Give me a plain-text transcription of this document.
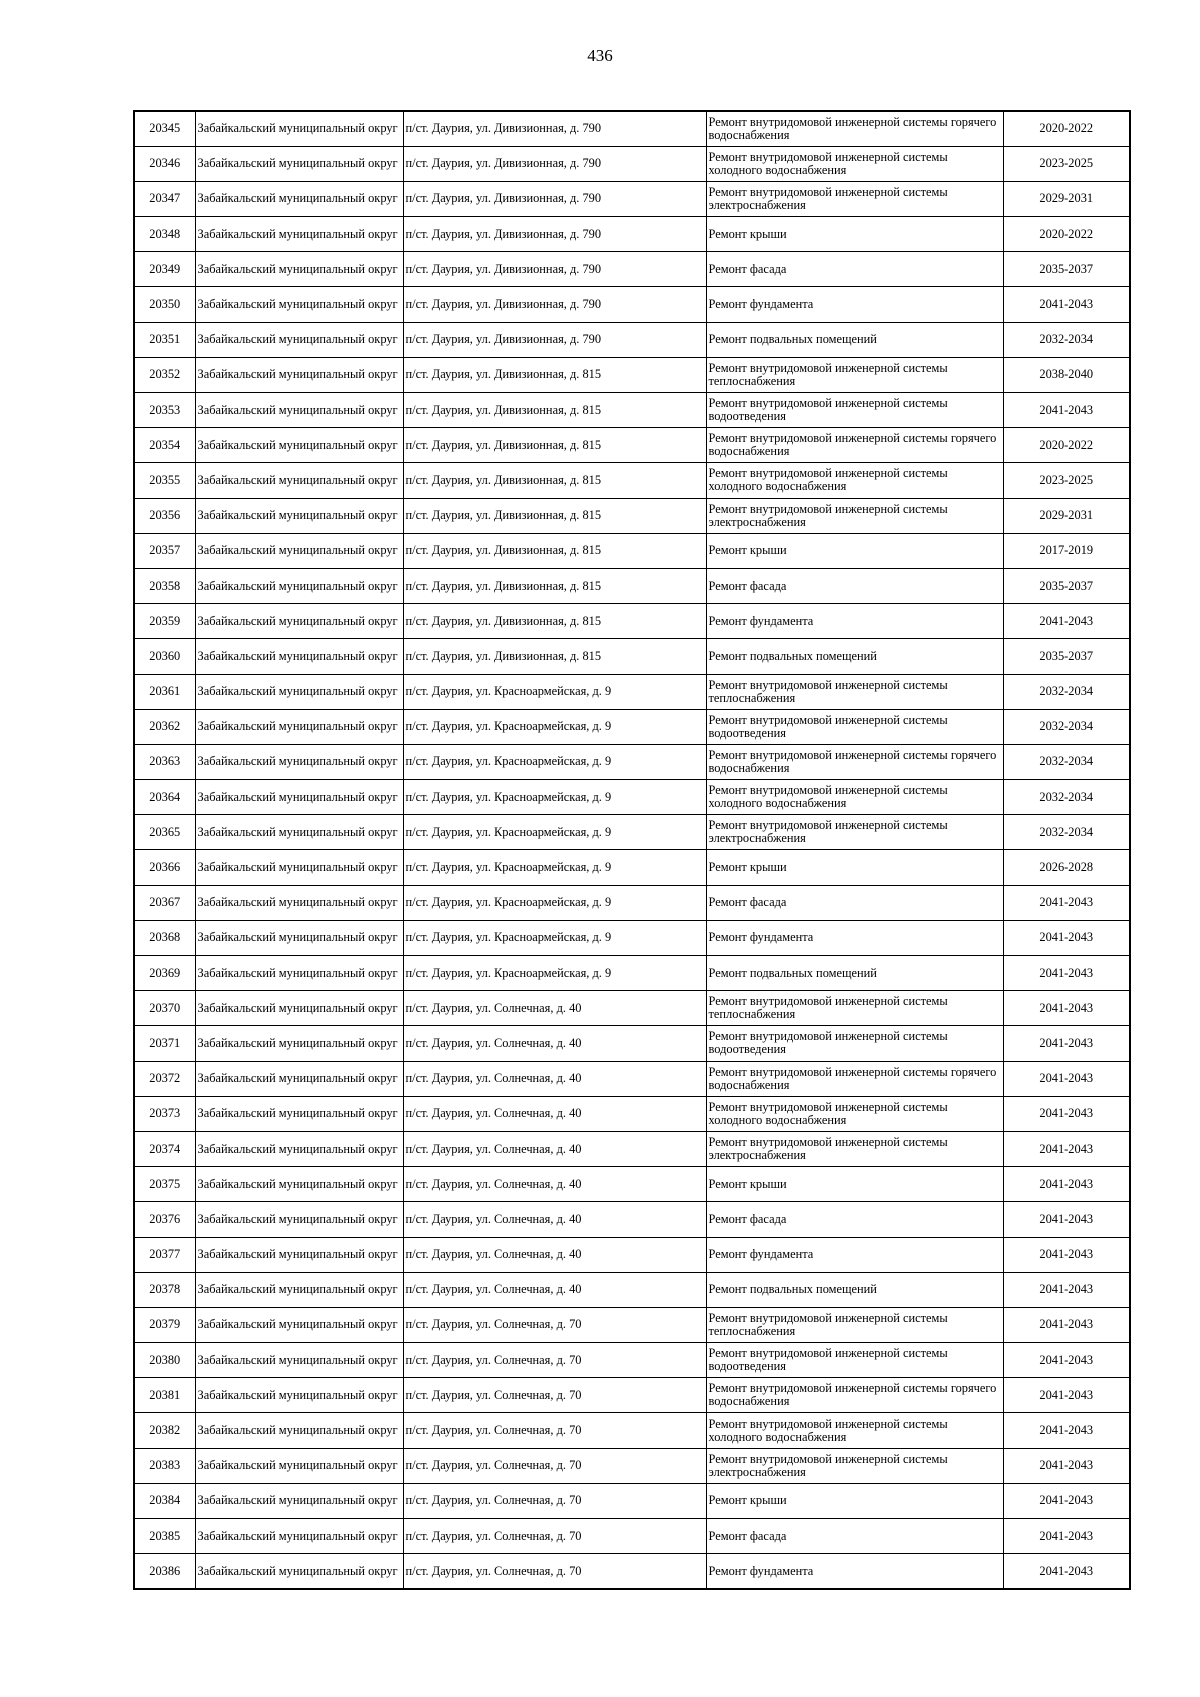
436
20345	Забайкальский муниципальный округ	п/ст. Даурия, ул. Дивизионная, д. 790	Ремонт внутридомовой инженерной системы горячего водоснабжения	2020-2022
20346	Забайкальский муниципальный округ	п/ст. Даурия, ул. Дивизионная, д. 790	Ремонт внутридомовой инженерной системы холодного водоснабжения	2023-2025
20347	Забайкальский муниципальный округ	п/ст. Даурия, ул. Дивизионная, д. 790	Ремонт внутридомовой инженерной системы электроснабжения	2029-2031
20348	Забайкальский муниципальный округ	п/ст. Даурия, ул. Дивизионная, д. 790	Ремонт крыши	2020-2022
20349	Забайкальский муниципальный округ	п/ст. Даурия, ул. Дивизионная, д. 790	Ремонт фасада	2035-2037
20350	Забайкальский муниципальный округ	п/ст. Даурия, ул. Дивизионная, д. 790	Ремонт фундамента	2041-2043
20351	Забайкальский муниципальный округ	п/ст. Даурия, ул. Дивизионная, д. 790	Ремонт подвальных помещений	2032-2034
20352	Забайкальский муниципальный округ	п/ст. Даурия, ул. Дивизионная, д. 815	Ремонт внутридомовой инженерной системы теплоснабжения	2038-2040
20353	Забайкальский муниципальный округ	п/ст. Даурия, ул. Дивизионная, д. 815	Ремонт внутридомовой инженерной системы водоотведения	2041-2043
20354	Забайкальский муниципальный округ	п/ст. Даурия, ул. Дивизионная, д. 815	Ремонт внутридомовой инженерной системы горячего водоснабжения	2020-2022
20355	Забайкальский муниципальный округ	п/ст. Даурия, ул. Дивизионная, д. 815	Ремонт внутридомовой инженерной системы холодного водоснабжения	2023-2025
20356	Забайкальский муниципальный округ	п/ст. Даурия, ул. Дивизионная, д. 815	Ремонт внутридомовой инженерной системы электроснабжения	2029-2031
20357	Забайкальский муниципальный округ	п/ст. Даурия, ул. Дивизионная, д. 815	Ремонт крыши	2017-2019
20358	Забайкальский муниципальный округ	п/ст. Даурия, ул. Дивизионная, д. 815	Ремонт фасада	2035-2037
20359	Забайкальский муниципальный округ	п/ст. Даурия, ул. Дивизионная, д. 815	Ремонт фундамента	2041-2043
20360	Забайкальский муниципальный округ	п/ст. Даурия, ул. Дивизионная, д. 815	Ремонт подвальных помещений	2035-2037
20361	Забайкальский муниципальный округ	п/ст. Даурия, ул. Красноармейская, д. 9	Ремонт внутридомовой инженерной системы теплоснабжения	2032-2034
20362	Забайкальский муниципальный округ	п/ст. Даурия, ул. Красноармейская, д. 9	Ремонт внутридомовой инженерной системы водоотведения	2032-2034
20363	Забайкальский муниципальный округ	п/ст. Даурия, ул. Красноармейская, д. 9	Ремонт внутридомовой инженерной системы горячего водоснабжения	2032-2034
20364	Забайкальский муниципальный округ	п/ст. Даурия, ул. Красноармейская, д. 9	Ремонт внутридомовой инженерной системы холодного водоснабжения	2032-2034
20365	Забайкальский муниципальный округ	п/ст. Даурия, ул. Красноармейская, д. 9	Ремонт внутридомовой инженерной системы электроснабжения	2032-2034
20366	Забайкальский муниципальный округ	п/ст. Даурия, ул. Красноармейская, д. 9	Ремонт крыши	2026-2028
20367	Забайкальский муниципальный округ	п/ст. Даурия, ул. Красноармейская, д. 9	Ремонт фасада	2041-2043
20368	Забайкальский муниципальный округ	п/ст. Даурия, ул. Красноармейская, д. 9	Ремонт фундамента	2041-2043
20369	Забайкальский муниципальный округ	п/ст. Даурия, ул. Красноармейская, д. 9	Ремонт подвальных помещений	2041-2043
20370	Забайкальский муниципальный округ	п/ст. Даурия, ул. Солнечная, д. 40	Ремонт внутридомовой инженерной системы теплоснабжения	2041-2043
20371	Забайкальский муниципальный округ	п/ст. Даурия, ул. Солнечная, д. 40	Ремонт внутридомовой инженерной системы водоотведения	2041-2043
20372	Забайкальский муниципальный округ	п/ст. Даурия, ул. Солнечная, д. 40	Ремонт внутридомовой инженерной системы горячего водоснабжения	2041-2043
20373	Забайкальский муниципальный округ	п/ст. Даурия, ул. Солнечная, д. 40	Ремонт внутридомовой инженерной системы холодного водоснабжения	2041-2043
20374	Забайкальский муниципальный округ	п/ст. Даурия, ул. Солнечная, д. 40	Ремонт внутридомовой инженерной системы электроснабжения	2041-2043
20375	Забайкальский муниципальный округ	п/ст. Даурия, ул. Солнечная, д. 40	Ремонт крыши	2041-2043
20376	Забайкальский муниципальный округ	п/ст. Даурия, ул. Солнечная, д. 40	Ремонт фасада	2041-2043
20377	Забайкальский муниципальный округ	п/ст. Даурия, ул. Солнечная, д. 40	Ремонт фундамента	2041-2043
20378	Забайкальский муниципальный округ	п/ст. Даурия, ул. Солнечная, д. 40	Ремонт подвальных помещений	2041-2043
20379	Забайкальский муниципальный округ	п/ст. Даурия, ул. Солнечная, д. 70	Ремонт внутридомовой инженерной системы теплоснабжения	2041-2043
20380	Забайкальский муниципальный округ	п/ст. Даурия, ул. Солнечная, д. 70	Ремонт внутридомовой инженерной системы водоотведения	2041-2043
20381	Забайкальский муниципальный округ	п/ст. Даурия, ул. Солнечная, д. 70	Ремонт внутридомовой инженерной системы горячего водоснабжения	2041-2043
20382	Забайкальский муниципальный округ	п/ст. Даурия, ул. Солнечная, д. 70	Ремонт внутридомовой инженерной системы холодного водоснабжения	2041-2043
20383	Забайкальский муниципальный округ	п/ст. Даурия, ул. Солнечная, д. 70	Ремонт внутридомовой инженерной системы электроснабжения	2041-2043
20384	Забайкальский муниципальный округ	п/ст. Даурия, ул. Солнечная, д. 70	Ремонт крыши	2041-2043
20385	Забайкальский муниципальный округ	п/ст. Даурия, ул. Солнечная, д. 70	Ремонт фасада	2041-2043
20386	Забайкальский муниципальный округ	п/ст. Даурия, ул. Солнечная, д. 70	Ремонт фундамента	2041-2043
